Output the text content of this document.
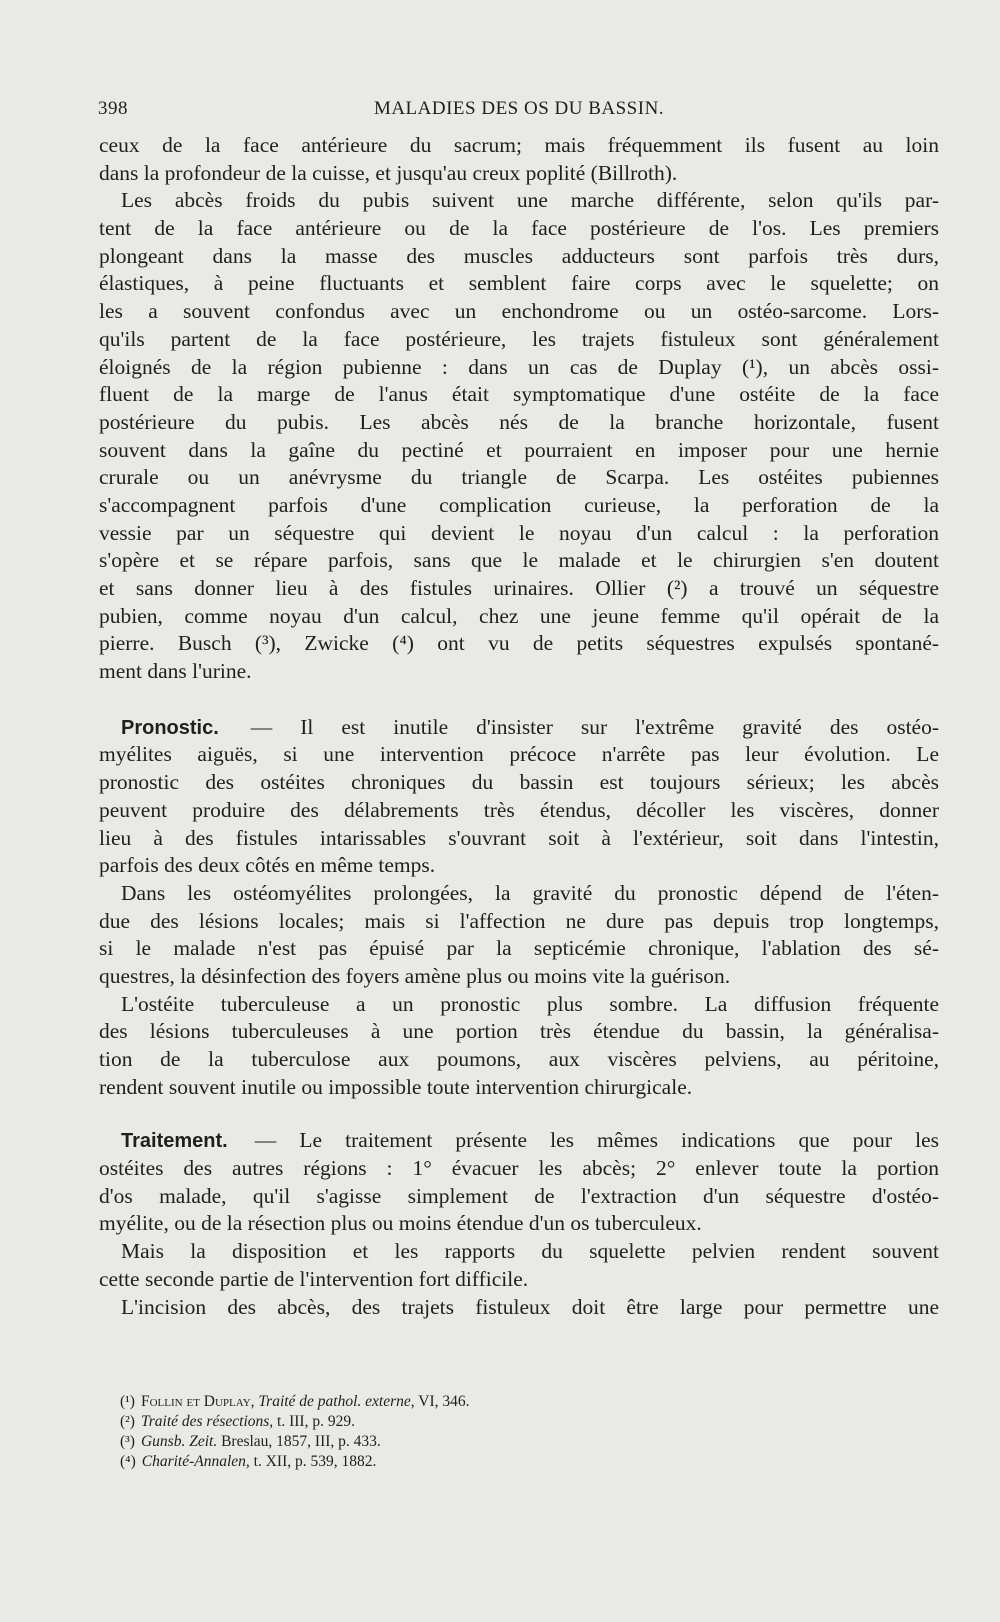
398	MALADIES DES OS DU BASSIN.
ceux de la face antérieure du sacrum; mais fréquemment ils fusent au loin
dans la profondeur de la cuisse, et jusqu'au creux poplité (Billroth).
Les abcès froids du pubis suivent une marche différente, selon qu'ils par-
tent de la face antérieure ou de la face postérieure de l'os. Les premiers
plongeant dans la masse des muscles adducteurs sont parfois très durs,
élastiques, à peine fluctuants et semblent faire corps avec le squelette; on
les a souvent confondus avec un enchondrome ou un ostéo-sarcome. Lors-
qu'ils partent de la face postérieure, les trajets fistuleux sont généralement
éloignés de la région pubienne : dans un cas de Duplay (¹), un abcès ossi-
fluent de la marge de l'anus était symptomatique d'une ostéite de la face
postérieure du pubis. Les abcès nés de la branche horizontale, fusent
souvent dans la gaîne du pectiné et pourraient en imposer pour une hernie
crurale ou un anévrysme du triangle de Scarpa. Les ostéites pubiennes
s'accompagnent parfois d'une complication curieuse, la perforation de la
vessie par un séquestre qui devient le noyau d'un calcul : la perforation
s'opère et se répare parfois, sans que le malade et le chirurgien s'en doutent
et sans donner lieu à des fistules urinaires. Ollier (²) a trouvé un séquestre
pubien, comme noyau d'un calcul, chez une jeune femme qu'il opérait de la
pierre. Busch (³), Zwicke (⁴) ont vu de petits séquestres expulsés spontané-
ment dans l'urine.
Pronostic. — Il est inutile d'insister sur l'extrême gravité des ostéo-
myélites aiguës, si une intervention précoce n'arrête pas leur évolution. Le
pronostic des ostéites chroniques du bassin est toujours sérieux; les abcès
peuvent produire des délabrements très étendus, décoller les viscères, donner
lieu à des fistules intarissables s'ouvrant soit à l'extérieur, soit dans l'intestin,
parfois des deux côtés en même temps.
Dans les ostéomyélites prolongées, la gravité du pronostic dépend de l'éten-
due des lésions locales; mais si l'affection ne dure pas depuis trop longtemps,
si le malade n'est pas épuisé par la septicémie chronique, l'ablation des sé-
questres, la désinfection des foyers amène plus ou moins vite la guérison.
L'ostéite tuberculeuse a un pronostic plus sombre. La diffusion fréquente
des lésions tuberculeuses à une portion très étendue du bassin, la généralisa-
tion de la tuberculose aux poumons, aux viscères pelviens, au péritoine,
rendent souvent inutile ou impossible toute intervention chirurgicale.
Traitement. — Le traitement présente les mêmes indications que pour les
ostéites des autres régions : 1° évacuer les abcès; 2° enlever toute la portion
d'os malade, qu'il s'agisse simplement de l'extraction d'un séquestre d'ostéo-
myélite, ou de la résection plus ou moins étendue d'un os tuberculeux.
Mais la disposition et les rapports du squelette pelvien rendent souvent
cette seconde partie de l'intervention fort difficile.
L'incision des abcès, des trajets fistuleux doit être large pour permettre une
(¹) Follin et Duplay, Traité de pathol. externe, VI, 346.
(²) Traité des résections, t. III, p. 929.
(³) Gunsb. Zeit. Breslau, 1857, III, p. 433.
(⁴) Charité-Annalen, t. XII, p. 539, 1882.
